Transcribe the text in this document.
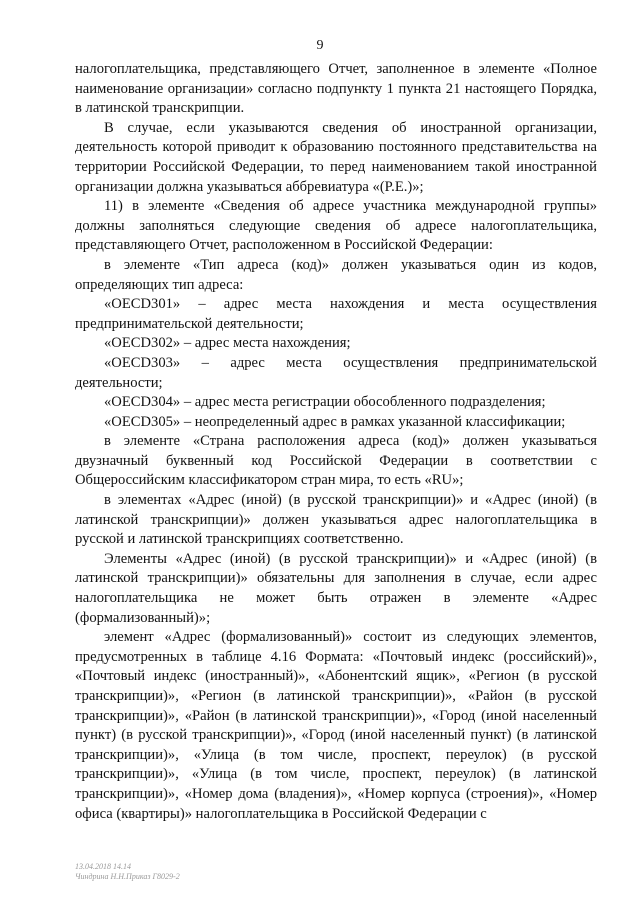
9

налогоплательщика, представляющего Отчет, заполненное в элементе «Полное наименование организации» согласно подпункту 1 пункта 21 настоящего Порядка, в латинской транскрипции.

В случае, если указываются сведения об иностранной организации, деятельность которой приводит к образованию постоянного представительства на территории Российской Федерации, то перед наименованием такой иностранной организации должна указываться аббревиатура «(P.E.)»;

11) в элементе «Сведения об адресе участника международной группы» должны заполняться следующие сведения об адресе налогоплательщика, представляющего Отчет, расположенном в Российской Федерации:

в элементе «Тип адреса (код)» должен указываться один из кодов, определяющих тип адреса:

«OECD301» – адрес места нахождения и места осуществления предпринимательской деятельности;

«OECD302» – адрес места нахождения;

«OECD303» – адрес места осуществления предпринимательской деятельности;

«OECD304» – адрес места регистрации обособленного подразделения;

«OECD305» – неопределенный адрес в рамках указанной классификации;

в элементе «Страна расположения адреса (код)» должен указываться двузначный буквенный код Российской Федерации в соответствии с Общероссийским классификатором стран мира, то есть «RU»;

в элементах «Адрес (иной) (в русской транскрипции)» и «Адрес (иной) (в латинской транскрипции)» должен указываться адрес налогоплательщика в русской и латинской транскрипциях соответственно.

Элементы «Адрес (иной) (в русской транскрипции)» и «Адрес (иной) (в латинской транскрипции)» обязательны для заполнения в случае, если адрес налогоплательщика не может быть отражен в элементе «Адрес (формализованный)»;

элемент «Адрес (формализованный)» состоит из следующих элементов, предусмотренных в таблице 4.16 Формата: «Почтовый индекс (российский)», «Почтовый индекс (иностранный)», «Абонентский ящик», «Регион (в русской транскрипции)», «Регион (в латинской транскрипции)», «Район (в русской транскрипции)», «Район (в латинской транскрипции)», «Город (иной населенный пункт) (в русской транскрипции)», «Город (иной населенный пункт) (в латинской транскрипции)», «Улица (в том числе, проспект, переулок) (в русской транскрипции)», «Улица (в том числе, проспект, переулок) (в латинской транскрипции)», «Номер дома (владения)», «Номер корпуса (строения)», «Номер офиса (квартиры)» налогоплательщика в Российской Федерации с

13.04.2018 14.14
Чиндрина Н.Н.Приказ Г8029-2
